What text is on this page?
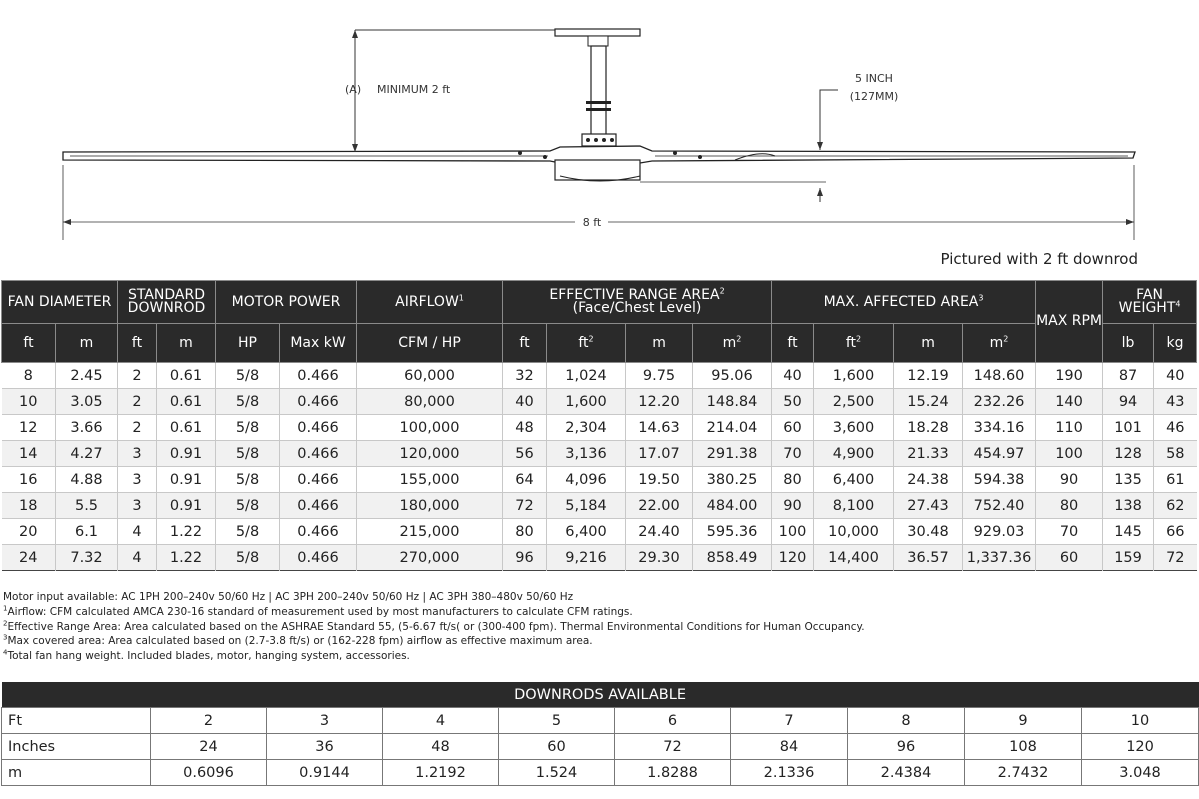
(A) MINIMUM 2 ft
5 INCH
(127MM)
8 ft
Pictured with 2 ft downrod
FAN DIAMETER		STANDARD DOWNROD		MOTOR POWER		AIRFLOW$^1$	EFFECTIVE RANGE AREA$^2$
(Face/Chest Level)				MAX. AFFECTED AREA$^3$				MAX RPM	FAN WEIGHT$^4$
ft	m	ft	m	HP	Max kW	CFM / HP	ft	$ft^2$	m	$m^2$	ft	$ft^2$	m	$m^2$		lb	kg
8	2.45	2	0.61	5/8	0.466	60,000	32	1,024	9.75	95.06	40	1,600	12.19	148.60	190	87	40
10	3.05	2	0.61	5/8	0.466	80,000	40	1,600	12.20	148.84	50	2,500	15.24	232.26	140	94	43
12	3.66	2	0.61	5/8	0.466	100,000	48	2,304	14.63	214.04	60	3,600	18.28	334.16	110	101	46
14	4.27	3	0.91	5/8	0.466	120,000	56	3,136	17.07	291.38	70	4,900	21.33	454.97	100	128	58
16	4.88	3	0.91	5/8	0.466	155,000	64	4,096	19.50	380.25	80	6,400	24.38	594.38	90	135	61
18	5.5	3	0.91	5/8	0.466	180,000	72	5,184	22.00	484.00	90	8,100	27.43	752.40	80	138	62
20	6.1	4	1.22	5/8	0.466	215,000	80	6,400	24.40	595.36	100	10,000	30.48	929.03	70	145	66
24	7.32	4	1.22	5/8	0.466	270,000	96	9,216	29.30	858.49	120	14,400	36.57	1,337.36	60	159	72
Motor input available: AC 1PH 200–240v 50/60 Hz | AC 3PH 200–240v 50/60 Hz | AC 3PH 380–480v 50/60 Hz
$^1$Airflow: CFM calculated AMCA 230-16 standard of measurement used by most manufacturers to calculate CFM ratings.
$^2$Effective Range Area: Area calculated based on the ASHRAE Standard 55, (5-6.67 ft/s( or (300-400 fpm). Thermal Environmental Conditions for Human Occupancy.
$^3$Max covered area: Area calculated based on (2.7-3.8 ft/s) or (162-228 fpm) airflow as effective maximum area.
$^4$Total fan hang weight. Included blades, motor, hanging system, accessories.
DOWNRODS AVAILABLE									
Ft	2	3	4	5	6	7	8	9	10
Inches	24	36	48	60	72	84	96	108	120
m	0.6096	0.9144	1.2192	1.524	1.8288	2.1336	2.4384	2.7432	3.048
